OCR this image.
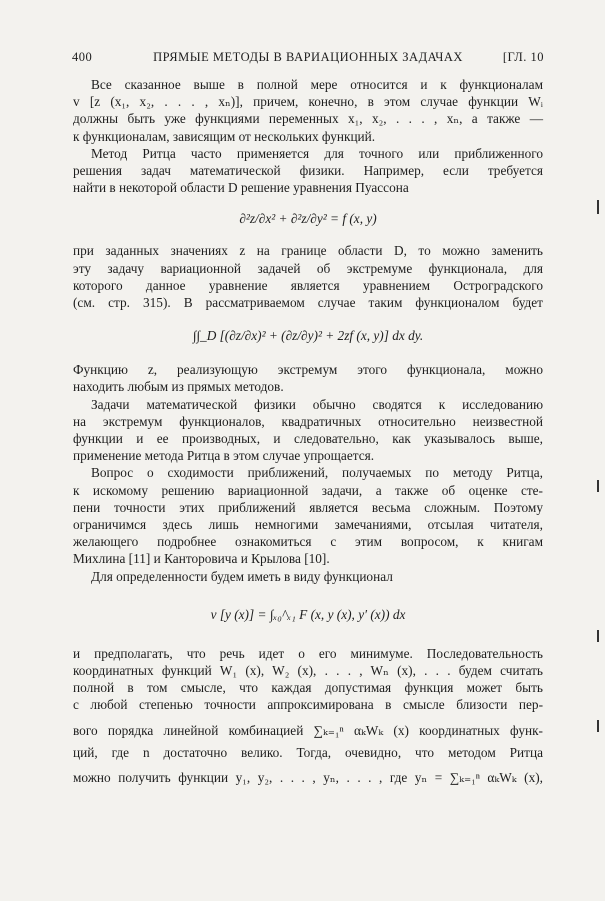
400	ПРЯМЫЕ МЕТОДЫ В ВАРИАЦИОННЫХ ЗАДАЧАХ	[ГЛ. 10
Все сказанное выше в полной мере относится и к функционалам
v [z (x₁, x₂, . . . , xₙ)], причем, конечно, в этом случае функции Wᵢ
должны быть уже функциями переменных x₁, x₂, . . . , xₙ, а также —
к функционалам, зависящим от нескольких функций.
Метод Ритца часто применяется для точного или приближенного
решения задач математической физики. Например, если требуется
найти в некоторой области D решение уравнения Пуассона
∂²z/∂x² + ∂²z/∂y² = f (x, y)
при заданных значениях z на границе области D, то можно заменить
эту задачу вариационной задачей об экстремуме функционала, для
которого данное уравнение является уравнением Остроградского
(см. стр. 315). В рассматриваемом случае таким функционалом будет
∫∫_D [(∂z/∂x)² + (∂z/∂y)² + 2zf (x, y)] dx dy.
Функцию z, реализующую экстремум этого функционала, можно
находить любым из прямых методов.
Задачи математической физики обычно сводятся к исследованию
на экстремум функционалов, квадратичных относительно неизвестной
функции и ее производных, и следовательно, как указывалось выше,
применение метода Ритца в этом случае упрощается.
Вопрос о сходимости приближений, получаемых по методу Ритца,
к искомому решению вариационной задачи, а также об оценке сте-
пени точности этих приближений является весьма сложным. Поэтому
ограничимся здесь лишь немногими замечаниями, отсылая читателя,
желающего подробнее ознакомиться с этим вопросом, к книгам
Михлина [11] и Канторовича и Крылова [10].
Для определенности будем иметь в виду функционал
v [y (x)] = ∫ₓ₀^ₓ₁ F (x, y (x), y′ (x)) dx
и предполагать, что речь идет о его минимуме. Последовательность
координатных функций W₁ (x), W₂ (x), . . . , Wₙ (x), . . . будем считать
полной в том смысле, что каждая допустимая функция может быть
с любой степенью точности аппроксимирована в смысле близости пер-
вого порядка линейной комбинацией ∑ₖ₌₁ⁿ αₖWₖ (x) координатных функ-
ций, где n достаточно велико. Тогда, очевидно, что методом Ритца
можно получить функции y₁, y₂, . . . , yₙ, . . . , где yₙ = ∑ₖ₌₁ⁿ αₖWₖ (x),
